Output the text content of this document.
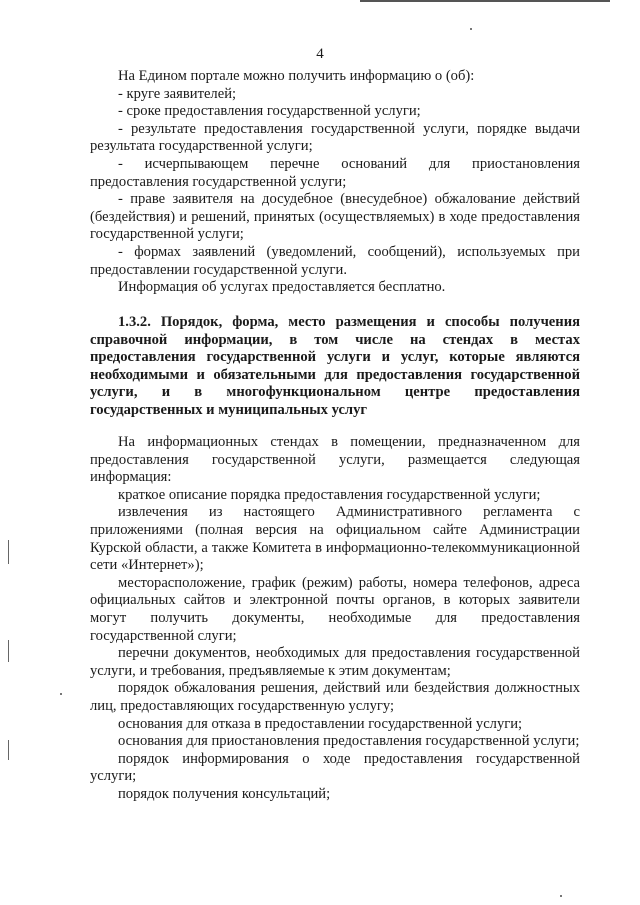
4

На Едином портале можно получить информацию о (об):

- круге заявителей;

- сроке предоставления государственной услуги;

- результате предоставления государственной услуги, порядке выдачи результата государственной услуги;

- исчерпывающем перечне оснований для приостановления предоставления государственной услуги;

- праве заявителя на досудебное (внесудебное) обжалование действий (бездействия) и решений, принятых (осуществляемых) в ходе предоставления государственной услуги;

- формах заявлений (уведомлений, сообщений), используемых при предоставлении государственной услуги.

Информация об услугах предоставляется бесплатно.

1.3.2. Порядок, форма, место размещения и способы получения справочной информации, в том числе на стендах в местах предоставления государственной услуги и услуг, которые являются необходимыми и обязательными для предоставления государственной услуги, и в многофункциональном центре предоставления государственных и муниципальных услуг

На информационных стендах в помещении, предназначенном для предоставления государственной услуги, размещается следующая информация:

краткое описание порядка предоставления государственной услуги;

извлечения из настоящего Административного регламента с приложениями (полная версия на официальном сайте Администрации Курской области, а также Комитета в информационно-телекоммуникационной сети «Интернет»);

месторасположение, график (режим) работы, номера телефонов, адреса официальных сайтов и электронной почты органов, в которых заявители могут получить документы, необходимые для предоставления государственной слуги;

перечни документов, необходимых для предоставления государственной услуги, и требования, предъявляемые к этим документам;

порядок обжалования решения, действий или бездействия должностных лиц, предоставляющих государственную услугу;

основания для отказа в предоставлении государственной услуги;

основания для приостановления предоставления государственной услуги;

порядок информирования о ходе предоставления государственной услуги;

порядок получения консультаций;
